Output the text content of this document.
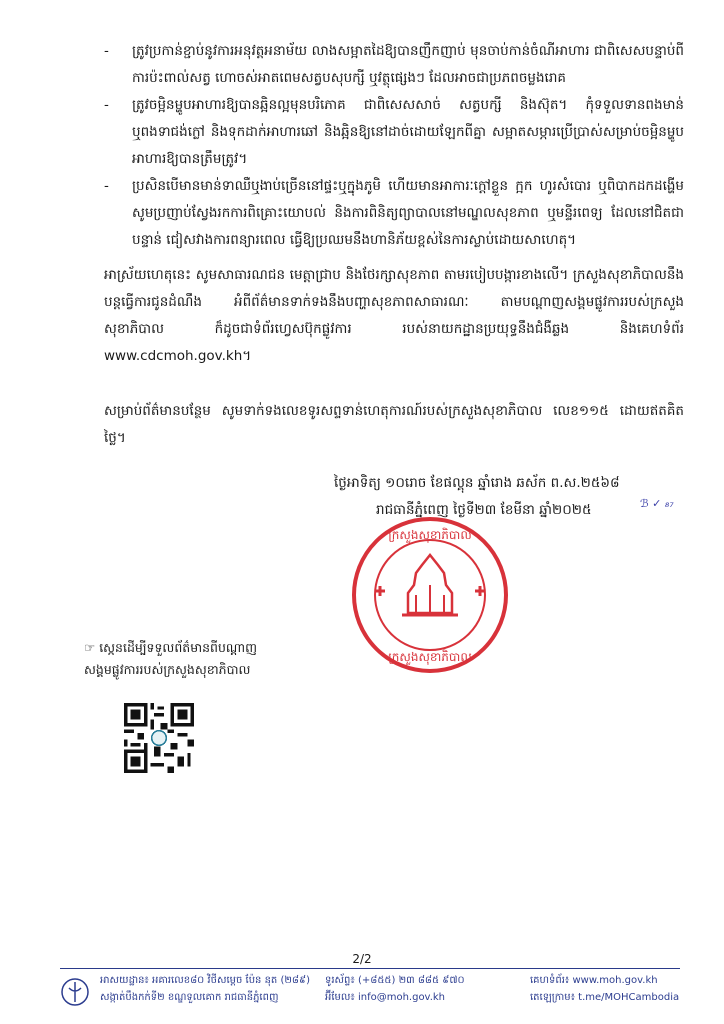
- ត្រូវប្រកាន់ខ្ជាប់នូវការអនុវត្តអនាម័យ លាងសម្អាតដៃឱ្យបានញឹកញាប់ មុនចាប់កាន់ចំណីអាហារ ជាពិសេសបន្ទាប់ពីការប៉ះពាល់សត្វ ហោចស់អាតពេមសត្វបសុបក្សី ឬវត្ថុផ្សេងៗ ដែលអាចជាប្រភពចម្លងរោគ
- ត្រូវចម្អិនម្ហូបអាហារឱ្យបានឆ្អិនល្អមុនបរិភោគ ជាពិសេសសាច់ សត្វបក្សី និងស៊ុត។ កុំទទួលទានពងមាន់ ឬពងទាជង់ក្លៅ និងទុកដាក់អាហារឆៅ និងឆ្អិនឱ្យនៅដាច់ដោយឡែកពីគ្នា សម្អាតសម្ភារប្រើប្រាស់សម្រាប់ចម្អិនម្ហូបអាហារឱ្យបានត្រឹមត្រូវ។
- ប្រសិនបើមានមាន់ទាឈឺឬងាប់ច្រើននៅផ្ទះឬក្នុងភូមិ ហើយមានអាការៈក្តៅខ្លួន ក្អក ហូរសំបោរ ឬពិបាកដកដង្ហើម សូមប្រញាប់ស្វែងរកការពិគ្រោះយោបល់ និងការពិនិត្យព្យាបាលនៅមណ្ឌលសុខភាព ឬមន្ទីរពេទ្យ ដែលនៅជិតជាបន្ទាន់ ជៀសវាងការពន្យារពេល ធ្វើឱ្យប្រឈមនឹងហានិភ័យខ្ពស់នៃការស្លាប់ដោយសាហេតុ។
អាស្រ័យហេតុនេះ សូមសាធារណជន មេត្តាជ្រាប និងថែរក្សាសុខភាព តាមរបៀបបង្ការខាងលើ។ ក្រសួងសុខាភិបាលនឹងបន្តធ្វើការជូនដំណឹង អំពីព័ត៌មានទាក់ទងនឹងបញ្ហាសុខភាពសាធារណៈ តាមបណ្តាញសង្គមផ្លូវការរបស់ក្រសួងសុខាភិបាល ក៏ដូចជាទំព័រហ្វេសប៊ុកផ្លូវការ របស់នាយកដ្ឋានប្រយុទ្ធនឹងជំងឺឆ្លង និងគេហទំព័រ www.cdcmoh.gov.kh។
សម្រាប់ព័ត៌មានបន្ថែម សូមទាក់ទងលេខទូរសព្ទទាន់ហេតុការណ៍របស់ក្រសួងសុខាភិបាល លេខ១១៥ ដោយឥតគិតថ្លៃ។
ថ្ងៃអាទិត្យ ១០រោច ខែផល្គុន ឆ្នាំរោង ឆស័ក ព.ស.២៥៦៨
រាជធានីភ្នំពេញ ថ្ងៃទី២៣ ខែមីនា ឆ្នាំ២០២៥	ℬ ✓ ₈₇
ក្រសួងសុខាភិបាល
ក្រសួងសុខាភិបាល
☞ ស្កេនដើម្បីទទួលព័ត៌មានពីបណ្តាញសង្គមផ្លូវការរបស់ក្រសួងសុខាភិបាល
2/2
អាសយដ្ឋាន៖ អគារលេខ៨០ វិថីសម្ដេច ប៉ែន នុត (២៨៩)
សង្កាត់បឹងកក់ទី២ ខណ្ឌទួលគោក រាជធានីភ្នំពេញ
ទូរស័ព្ទ៖ (+៨៥៥) ២៣ ៨៨៥ ៩៧០
អ៊ីមែល៖ info@moh.gov.kh
គេហទំព័រ៖ www.moh.gov.kh
តេឡេក្រាម៖ t.me/MOHCambodia
